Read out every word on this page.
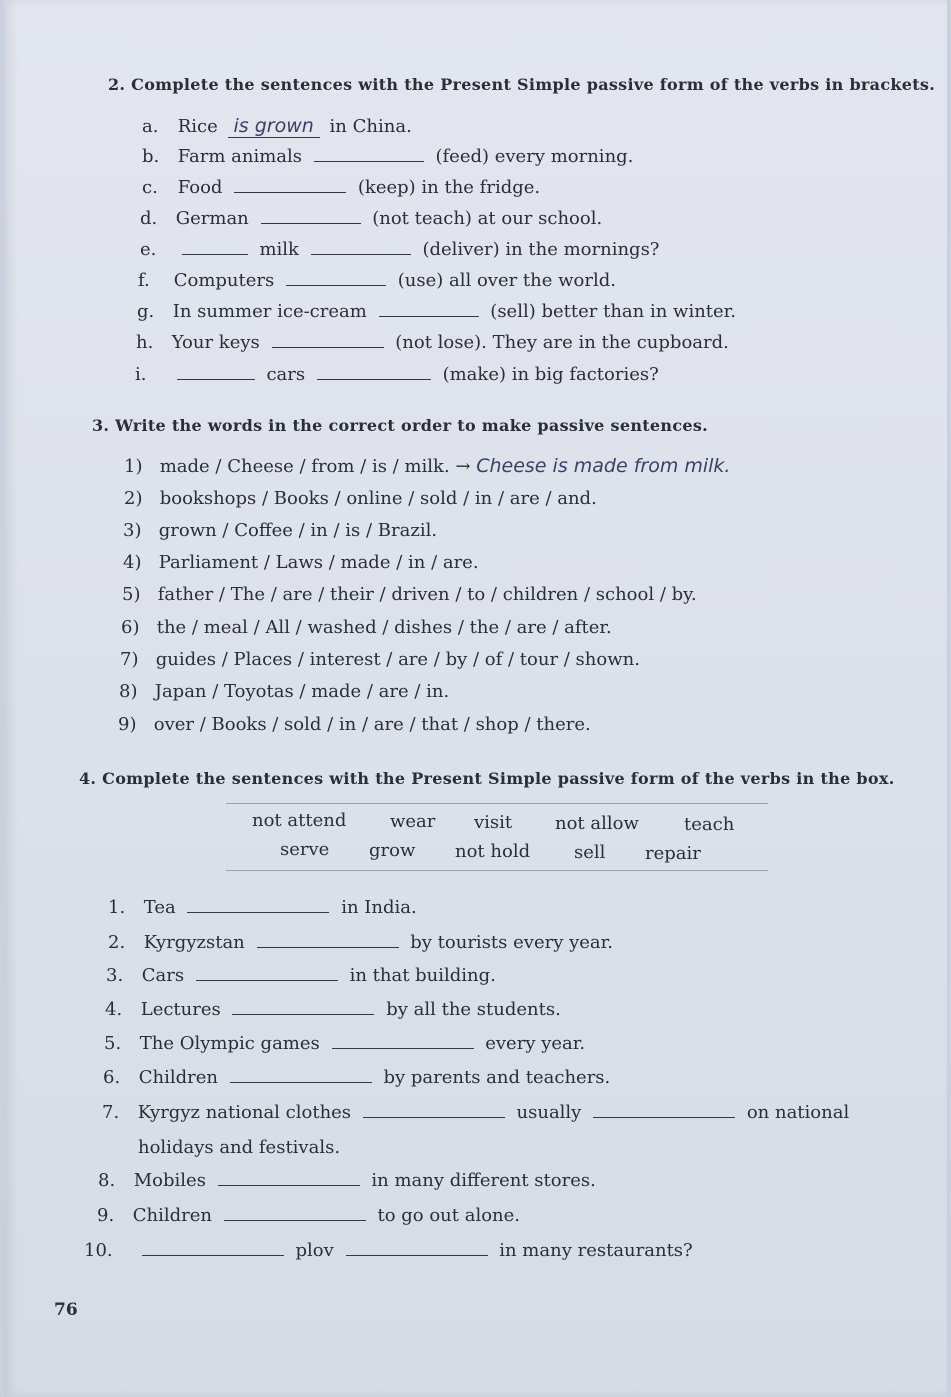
2. Complete the sentences with the Present Simple passive form of the verbs in brackets.
a. Rice is grown in China.
b. Farm animals	(feed) every morning.
c. Food	(keep) in the fridge.
d. German	(not teach) at our school.
e.	milk	(deliver) in the mornings?
f. Computers	(use) all over the world.
g. In summer ice-cream	(sell) better than in winter.
h. Your keys	(not lose). They are in the cupboard.
i.	cars	(make) in big factories?
3. Write the words in the correct order to make passive sentences.
1) made / Cheese / from / is / milk. → Cheese is made from milk.
2) bookshops / Books / online / sold / in / are / and.
3) grown / Coffee / in / is / Brazil.
4) Parliament / Laws / made / in / are.
5) father / The / are / their / driven / to / children / school / by.
6) the / meal / All / washed / dishes / the / are / after.
7) guides / Places / interest / are / by / of / tour / shown.
8) Japan / Toyotas / made / are / in.
9) over / Books / sold / in / are / that / shop / there.
4. Complete the sentences with the Present Simple passive form of the verbs in the box.
not attend wear visit not allow	teach
serve grow not hold sell repair
1. Tea	in India.
2. Kyrgyzstan	by tourists every year.
3. Cars	in that building.
4. Lectures	by all the students.
5. The Olympic games	every year.
6. Children	by parents and teachers.
7. Kyrgyz national clothes	usually	on national
holidays and festivals.
8. Mobiles	in many different stores.
9. Children	to go out alone.
10.	plov	in many restaurants?
76
